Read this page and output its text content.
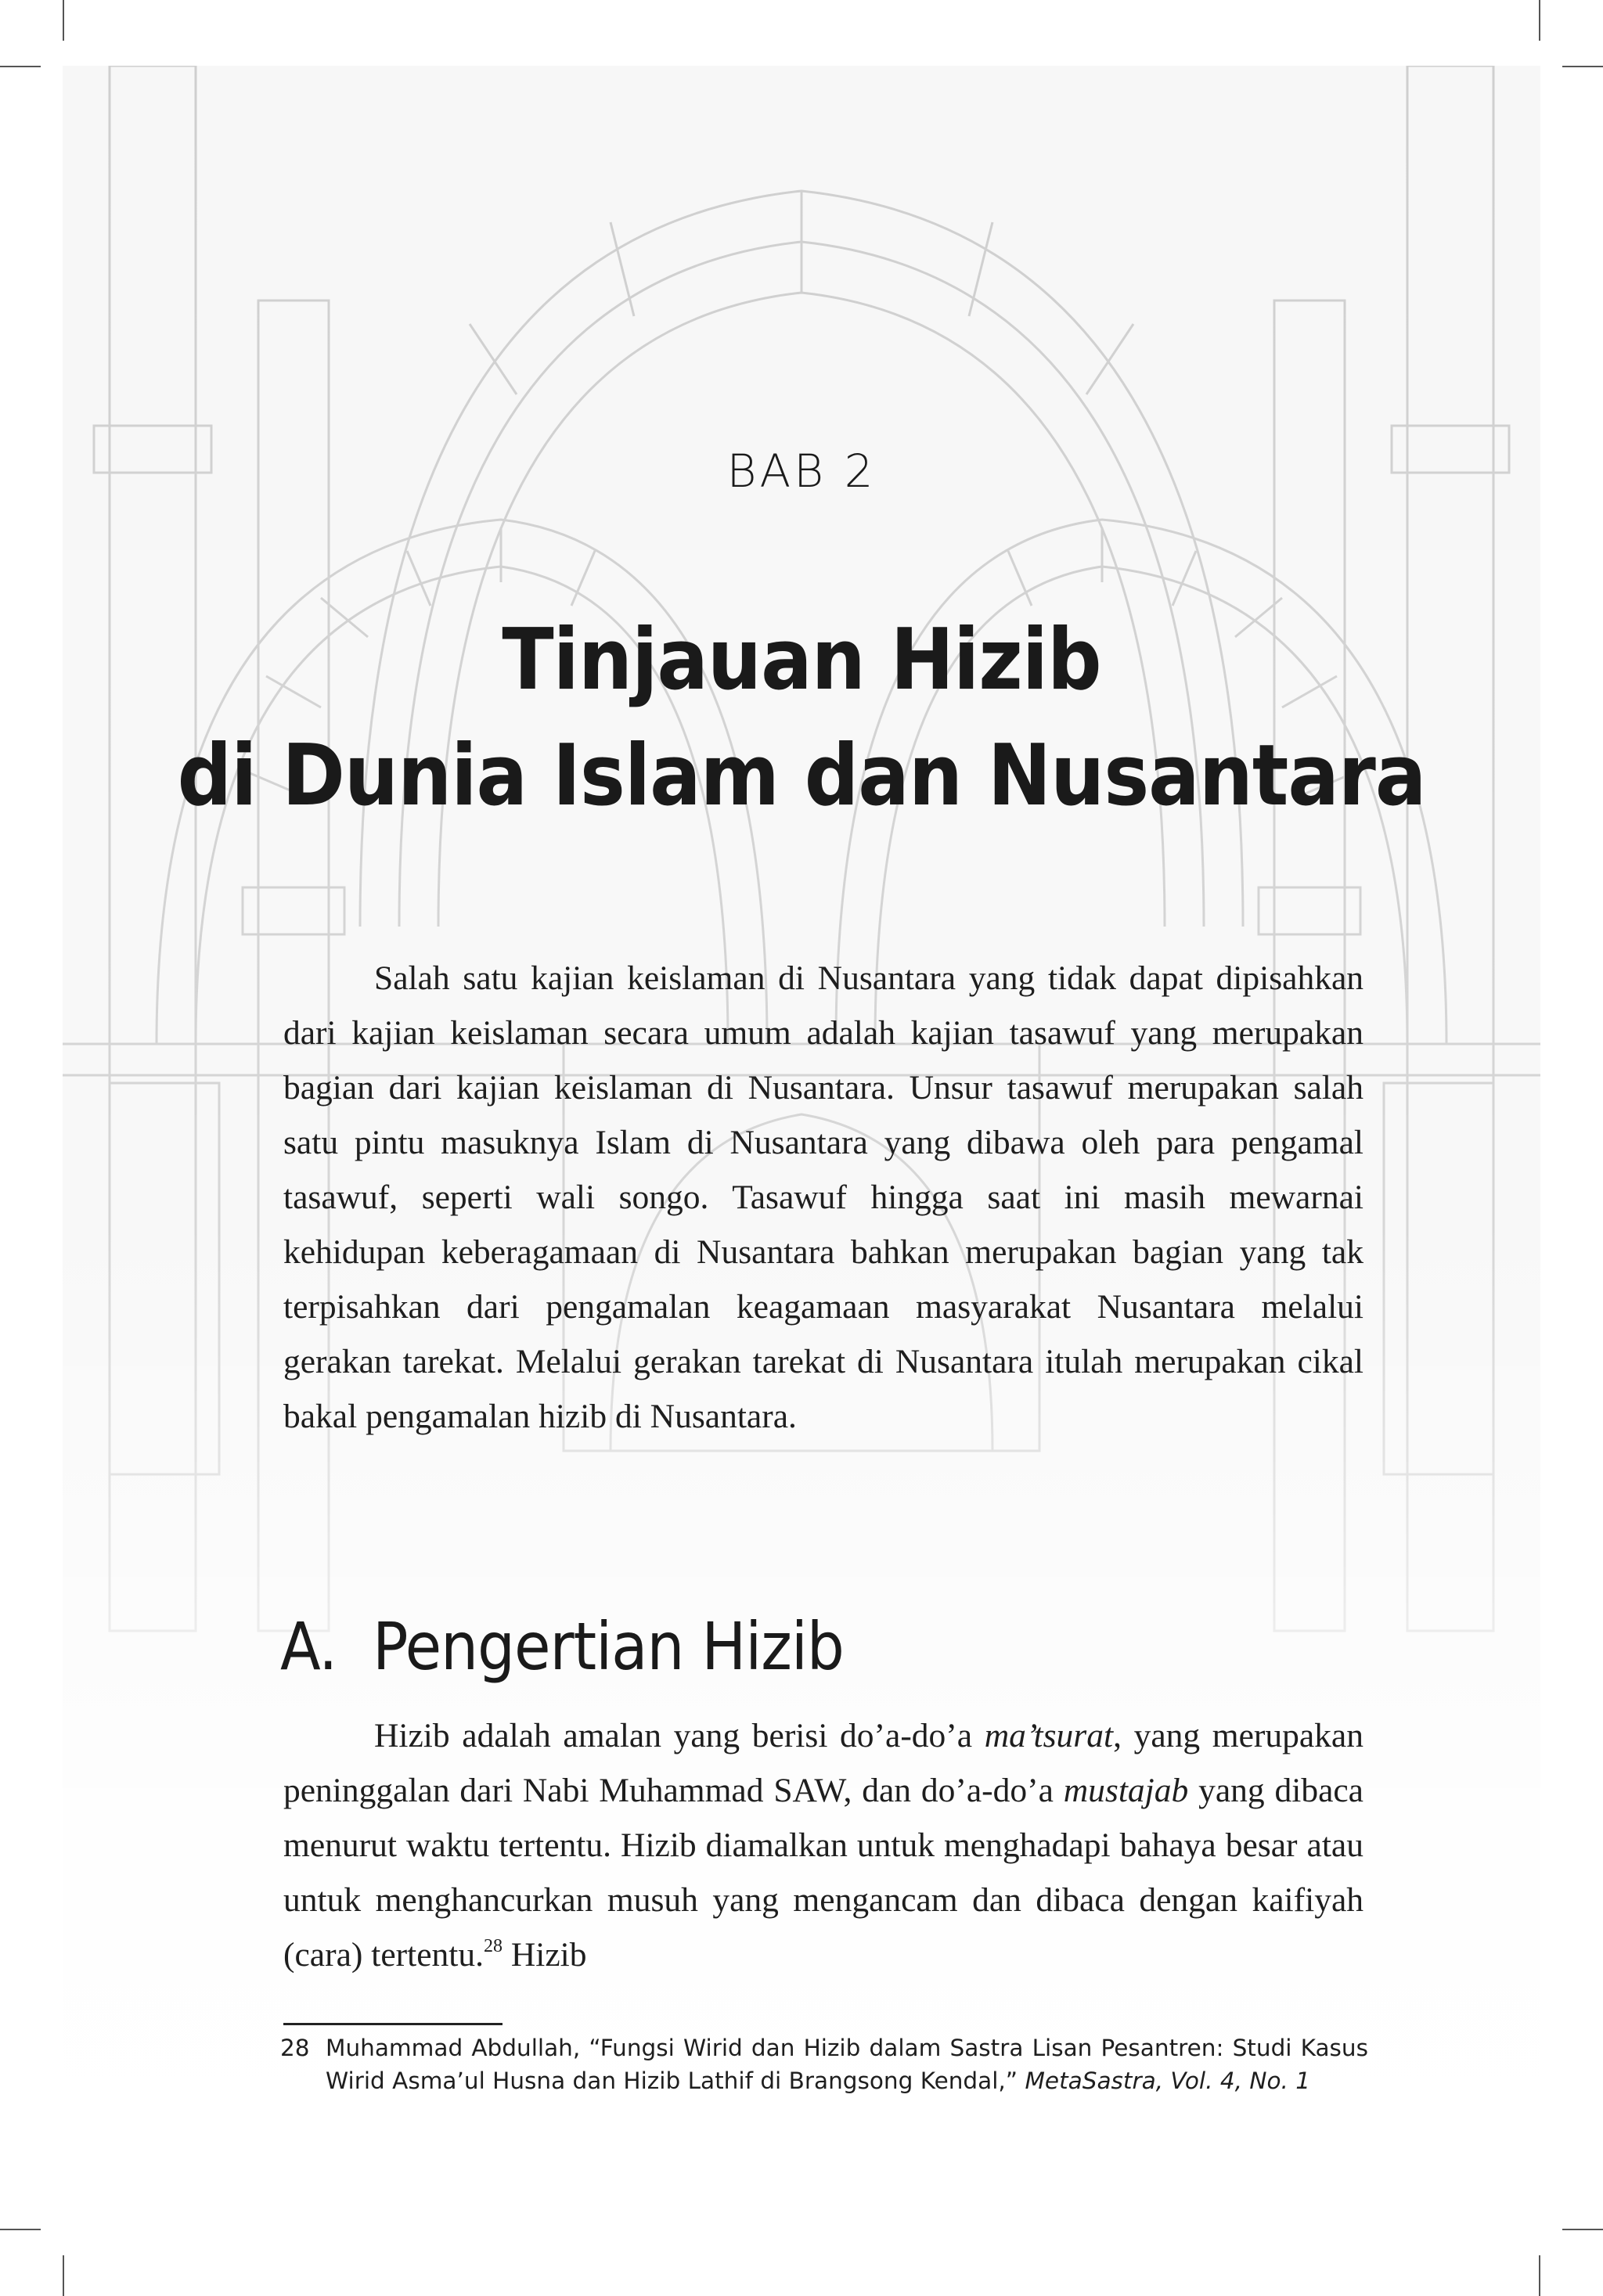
BAB 2
Tinjauan Hizib
di Dunia Islam dan Nusantara
Salah satu kajian keislaman di Nusantara yang tidak dapat dipisahkan dari kajian keislaman secara umum adalah kajian tasawuf yang merupakan bagian dari kajian keislaman di Nusantara. Unsur tasawuf merupakan salah satu pintu masuknya Islam di Nusantara yang dibawa oleh para pengamal tasawuf, seperti wali songo. Tasawuf hingga saat ini masih mewarnai kehidupan keberagamaan di Nusantara bahkan merupakan bagian yang tak terpisahkan dari pengamalan keagamaan masyarakat Nusantara melalui gerakan tarekat. Melalui gerakan tarekat di Nusantara itulah merupakan cikal bakal pengamalan hizib di Nusantara.
A. Pengertian Hizib
Hizib adalah amalan yang berisi do’a-do’a ma’tsurat, yang merupakan peninggalan dari Nabi Muhammad SAW, dan do’a-do’a mustajab yang dibaca menurut waktu tertentu. Hizib diamalkan untuk menghadapi bahaya besar atau untuk menghancurkan musuh yang mengancam dan dibaca dengan kaifiyah (cara) tertentu.$^{28}$ Hizib
28 Muhammad Abdullah, “Fungsi Wirid dan Hizib dalam Sastra Lisan Pesantren: Studi Kasus Wirid Asma’ul Husna dan Hizib Lathif di Brangsong Kendal,” MetaSastra, Vol. 4, No. 1
